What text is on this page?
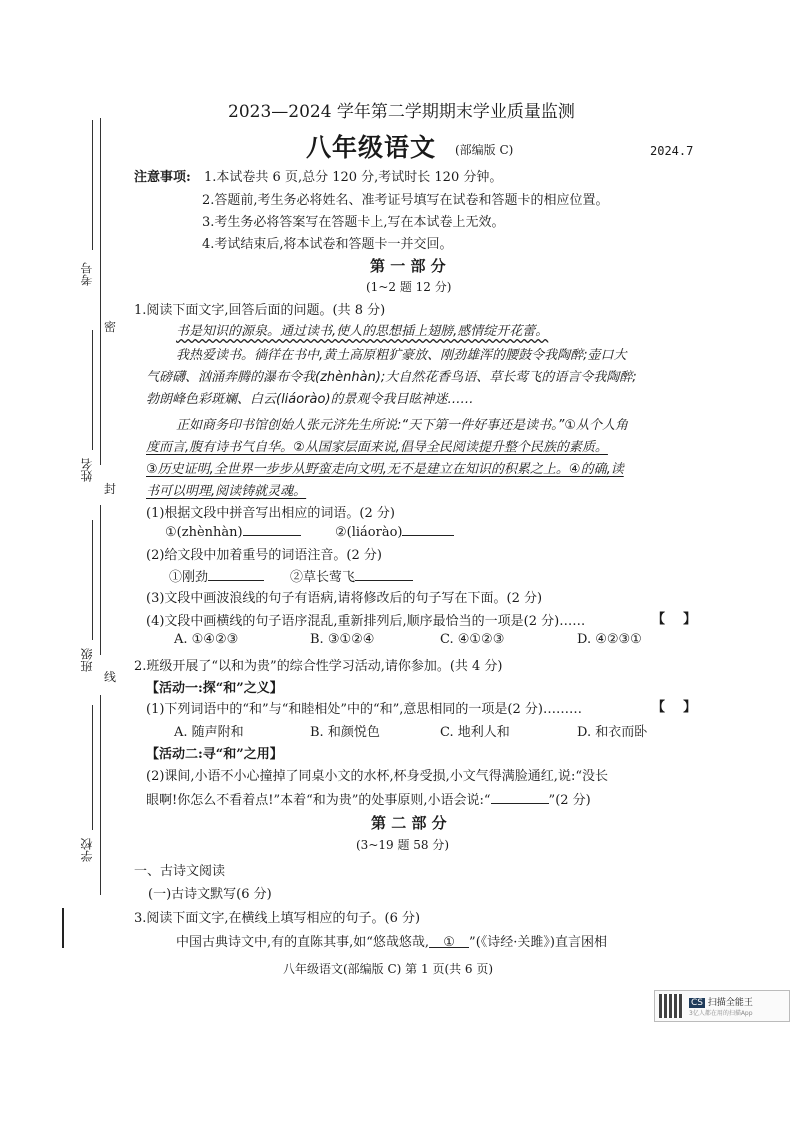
考号
姓名
班级
学校
密
封
线
2023—2024 学年第二学期期末学业质量监测
八年级语文 (部编版 C)	2024.7
注意事项: 1.本试卷共 6 页,总分 120 分,考试时长 120 分钟。
2.答题前,考生务必将姓名、准考证号填写在试卷和答题卡的相应位置。
3.考生务必将答案写在答题卡上,写在本试卷上无效。
4.考试结束后,将本试卷和答题卡一并交回。
第 一 部 分
(1~2 题 12 分)
1.阅读下面文字,回答后面的问题。(共 8 分)
书是知识的源泉。通过读书,使人的思想插上翅膀,感情绽开花蕾。
我热爱读书。徜徉在书中,黄土高原粗犷豪放、刚劲雄浑的腰鼓令我陶醉;壶口大
气磅礴、汹涌奔腾的瀑布令我(zhènhàn);大自然花香鸟语、草长莺飞的语言令我陶醉;
勃朗峰色彩斑斓、白云(liáorào)的景观令我目眩神迷……
正如商务印书馆创始人张元济先生所说:“天下第一件好事还是读书。”①从个人角
度而言,腹有诗书气自华。②从国家层面来说,倡导全民阅读提升整个民族的素质。
③历史证明,全世界一步步从野蛮走向文明,无不是建立在知识的积累之上。④的确,读
书可以明理,阅读铸就灵魂。
(1)根据文段中拼音写出相应的词语。(2 分)
①(zhènhàn)	②(liáorào)
(2)给文段中加着重号的词语注音。(2 分)
①刚劲	②草长莺飞
(3)文段中画波浪线的句子有语病,请将修改后的句子写在下面。(2 分)
(4)文段中画横线的句子语序混乱,重新排列后,顺序最恰当的一项是(2 分)……	【    】
A. ①④②③	B. ③①②④	C. ④①②③	D. ④②③①
2.班级开展了“以和为贵”的综合性学习活动,请你参加。(共 4 分)
【活动一:探“和”之义】
(1)下列词语中的“和”与“和睦相处”中的“和”,意思相同的一项是(2 分)………	【    】
A. 随声附和	B. 和颜悦色	C. 地利人和	D. 和衣而卧
【活动二:寻“和”之用】
(2)课间,小语不小心撞掉了同桌小文的水杯,杯身受损,小文气得满脸通红,说:“没长
眼啊!你怎么不看着点!”本着“和为贵”的处事原则,小语会说:“	”(2 分)
第 二 部 分
(3~19 题 58 分)
一、古诗文阅读
(一)古诗文默写(6 分)
3.阅读下面文字,在横线上填写相应的句子。(6 分)
中国古典诗文中,有的直陈其事,如“悠哉悠哉, ① ”(《诗经·关雎》)直言困相
八年级语文(部编版 C) 第 1 页(共 6 页)
CS 扫描全能王
3亿人都在用的扫描App
